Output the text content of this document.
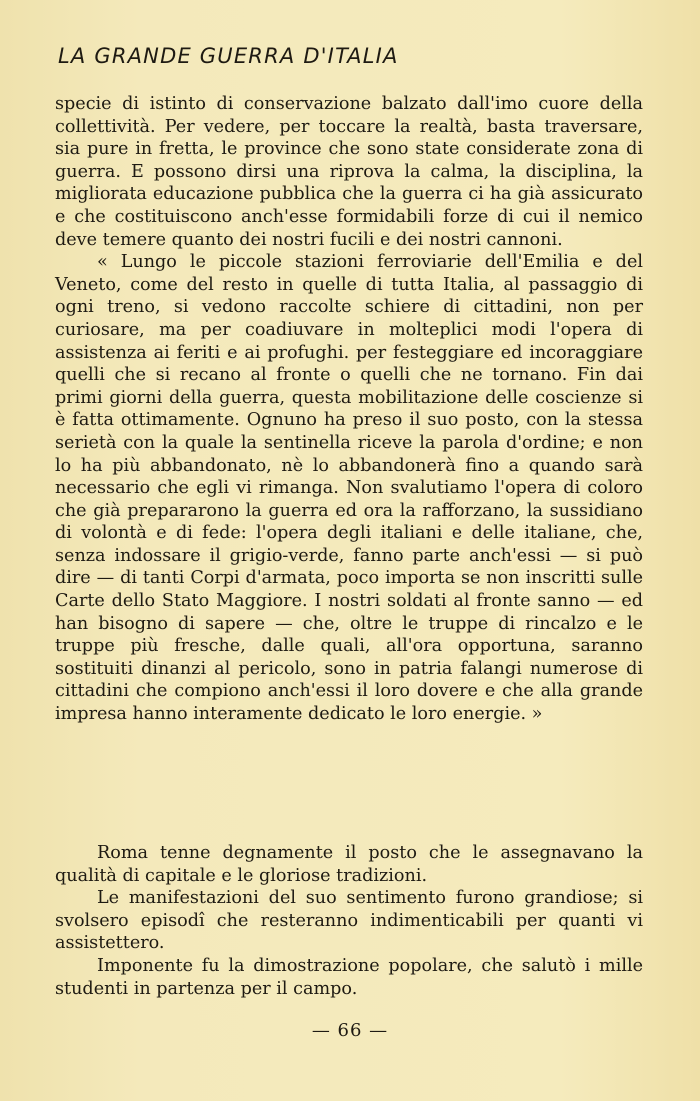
LA GRANDE GUERRA D'ITALIA

specie di istinto di conservazione balzato dall'imo cuore della collettività. Per vedere, per toccare la realtà, basta traversare, sia pure in fretta, le province che sono state considerate zona di guerra. E possono dirsi una riprova la calma, la disciplina, la migliorata educazione pubblica che la guerra ci ha già assicurato e che costituiscono anch'esse formidabili forze di cui il nemico deve temere quanto dei nostri fucili e dei nostri cannoni.

« Lungo le piccole stazioni ferroviarie dell'Emilia e del Veneto, come del resto in quelle di tutta Italia, al passaggio di ogni treno, si vedono raccolte schiere di cittadini, non per curiosare, ma per coadiuvare in molteplici modi l'opera di assistenza ai feriti e ai profughi. per festeggiare ed incoraggiare quelli che si recano al fronte o quelli che ne tornano. Fin dai primi giorni della guerra, questa mobilitazione delle coscienze si è fatta ottimamente. Ognuno ha preso il suo posto, con la stessa serietà con la quale la sentinella riceve la parola d'ordine; e non lo ha più abbandonato, nè lo abbandonerà fino a quando sarà necessario che egli vi rimanga. Non svalutiamo l'opera di coloro che già prepararono la guerra ed ora la rafforzano, la sussidiano di volontà e di fede: l'opera degli italiani e delle italiane, che, senza indossare il grigio-verde, fanno parte anch'essi — si può dire — di tanti Corpi d'armata, poco importa se non inscritti sulle Carte dello Stato Maggiore. I nostri soldati al fronte sanno — ed han bisogno di sapere — che, oltre le truppe di rincalzo e le truppe più fresche, dalle quali, all'ora opportuna, saranno sostituiti dinanzi al pericolo, sono in patria falangi numerose di cittadini che compiono anch'essi il loro dovere e che alla grande impresa hanno interamente dedicato le loro energie. »

Roma tenne degnamente il posto che le assegnavano la qualità di capitale e le gloriose tradizioni.

Le manifestazioni del suo sentimento furono grandiose; si svolsero episodî che resteranno indimenticabili per quanti vi assistettero.

Imponente fu la dimostrazione popolare, che salutò i mille studenti in partenza per il campo.

— 66 —
